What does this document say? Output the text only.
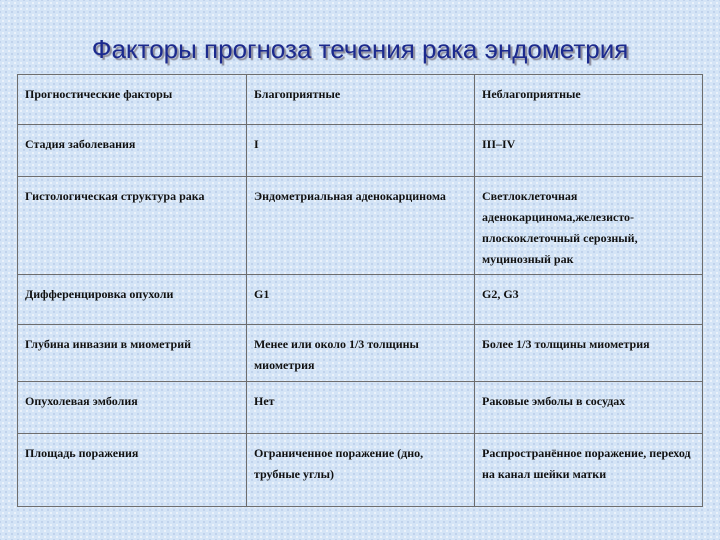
Факторы прогноза течения рака эндометрия
Прогностические факторы	Благоприятные	Неблагоприятные
Стадия заболевания	I	III–IV
Гистологическая структура рака	Эндометриальная аденокарцинома	Светлоклеточная аденокарцинома,железисто-плоскоклеточный серозный, муцинозный рак
Дифференцировка опухоли	G1	G2, G3
Глубина инвазии в миометрий	Менее или около 1/3 толщины миометрия	Более 1/3 толщины миометрия
Опухолевая эмболия	Нет	Раковые эмболы в сосудах
Площадь поражения	Ограниченное поражение (дно, трубные углы)	Распространённое поражение, переход на канал шейки матки
